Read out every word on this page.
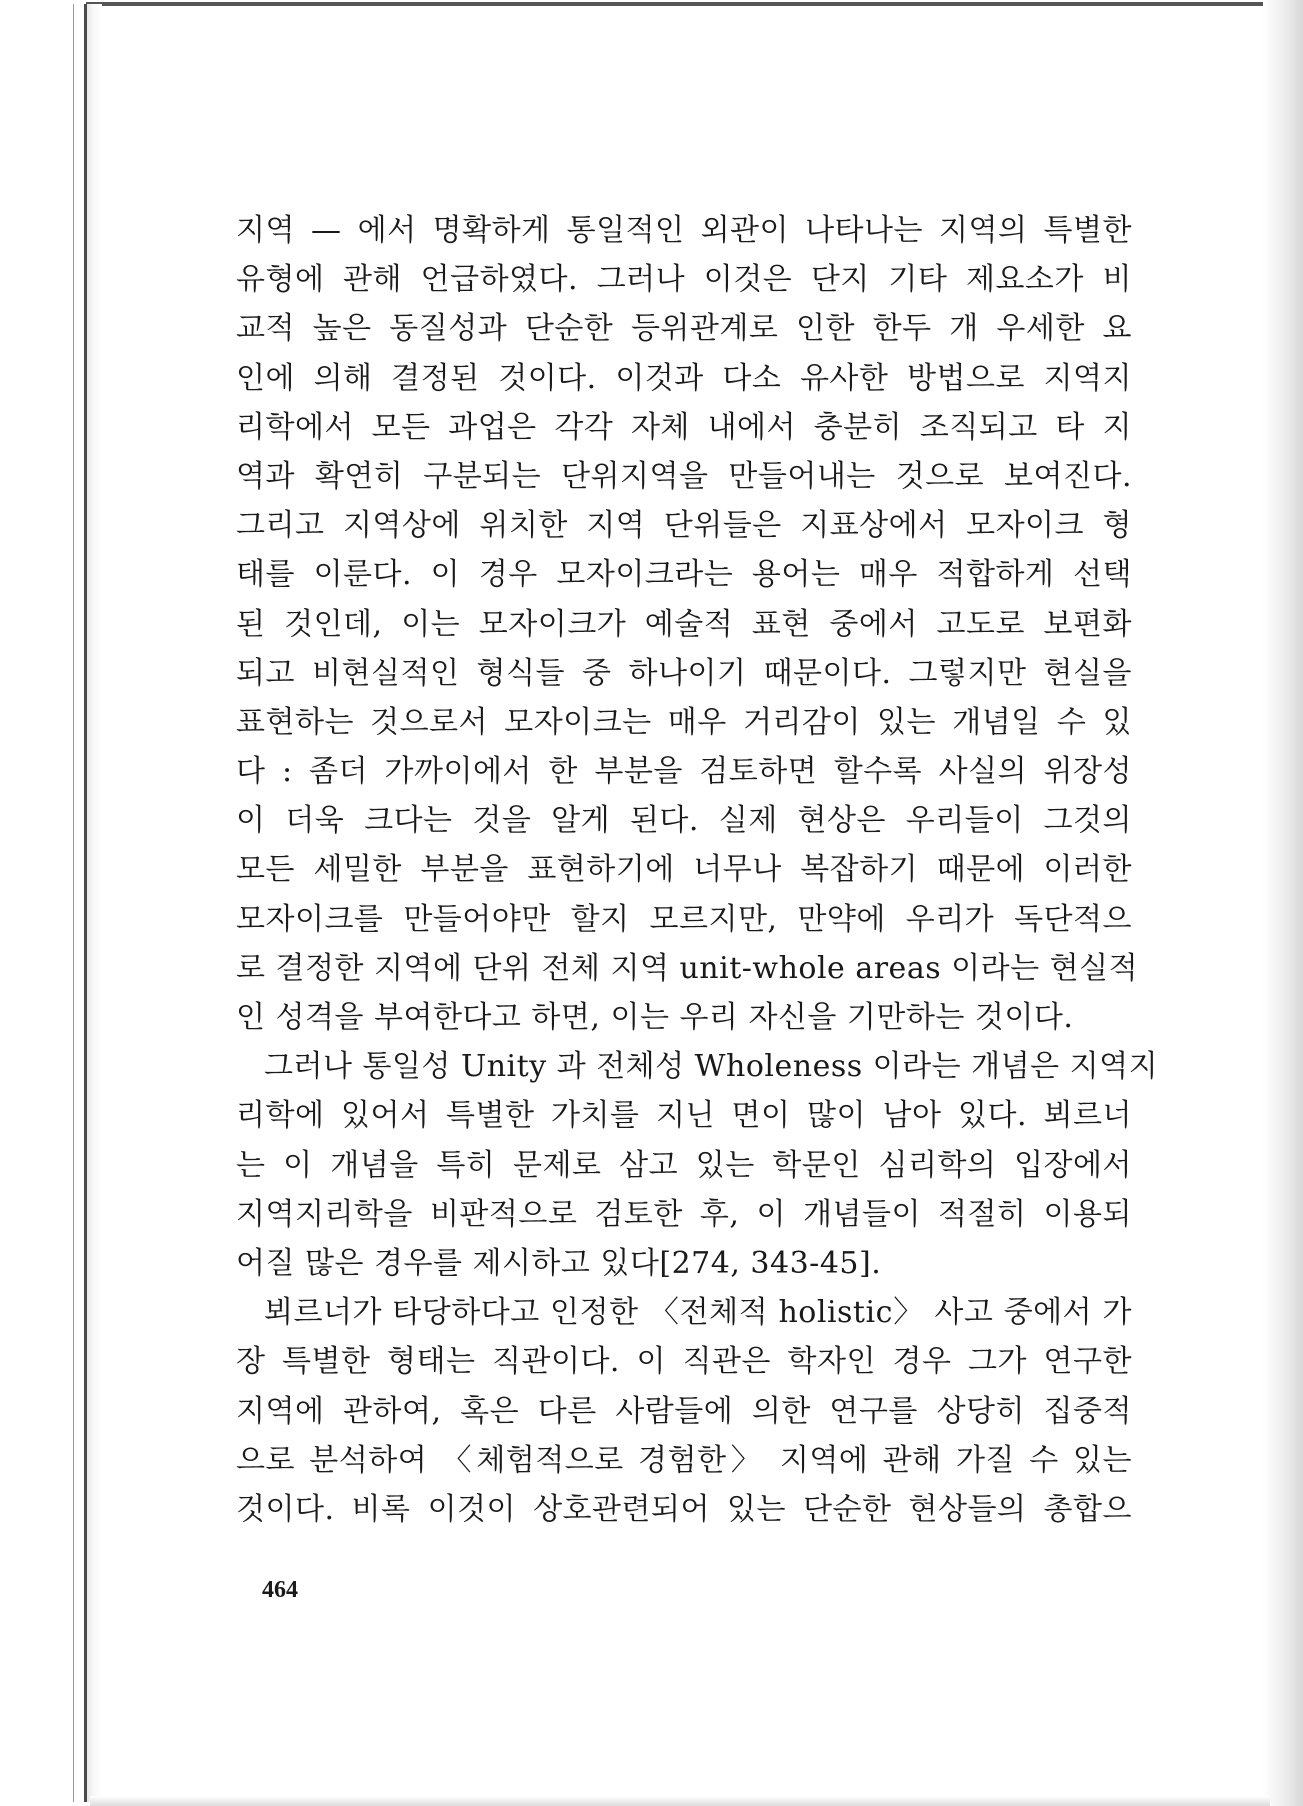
지역 — 에서 명확하게 통일적인 외관이 나타나는 지역의 특별한
유형에 관해 언급하였다. 그러나 이것은 단지 기타 제요소가 비
교적 높은 동질성과 단순한 등위관계로 인한 한두 개 우세한 요
인에 의해 결정된 것이다. 이것과 다소 유사한 방법으로 지역지
리학에서 모든 과업은 각각 자체 내에서 충분히 조직되고 타 지
역과 확연히 구분되는 단위지역을 만들어내는 것으로 보여진다.
그리고 지역상에 위치한 지역 단위들은 지표상에서 모자이크 형
태를 이룬다. 이 경우 모자이크라는 용어는 매우 적합하게 선택
된 것인데, 이는 모자이크가 예술적 표현 중에서 고도로 보편화
되고 비현실적인 형식들 중 하나이기 때문이다. 그렇지만 현실을
표현하는 것으로서 모자이크는 매우 거리감이 있는 개념일 수 있
다 : 좀더 가까이에서 한 부분을 검토하면 할수록 사실의 위장성
이 더욱 크다는 것을 알게 된다. 실제 현상은 우리들이 그것의
모든 세밀한 부분을 표현하기에 너무나 복잡하기 때문에 이러한
모자이크를 만들어야만 할지 모르지만, 만약에 우리가 독단적으
로 결정한 지역에 단위 전체 지역 unit-whole areas 이라는 현실적
인 성격을 부여한다고 하면, 이는 우리 자신을 기만하는 것이다.
그러나 통일성 Unity 과 전체성 Wholeness 이라는 개념은 지역지
리학에 있어서 특별한 가치를 지닌 면이 많이 남아 있다. 뵈르너
는 이 개념을 특히 문제로 삼고 있는 학문인 심리학의 입장에서
지역지리학을 비판적으로 검토한 후, 이 개념들이 적절히 이용되
어질 많은 경우를 제시하고 있다[274, 343-45].
뵈르너가 타당하다고 인정한 〈전체적 holistic〉 사고 중에서 가
장 특별한 형태는 직관이다. 이 직관은 학자인 경우 그가 연구한
지역에 관하여, 혹은 다른 사람들에 의한 연구를 상당히 집중적
으로 분석하여 〈체험적으로 경험한〉 지역에 관해 가질 수 있는
것이다. 비록 이것이 상호관련되어 있는 단순한 현상들의 총합으
464
